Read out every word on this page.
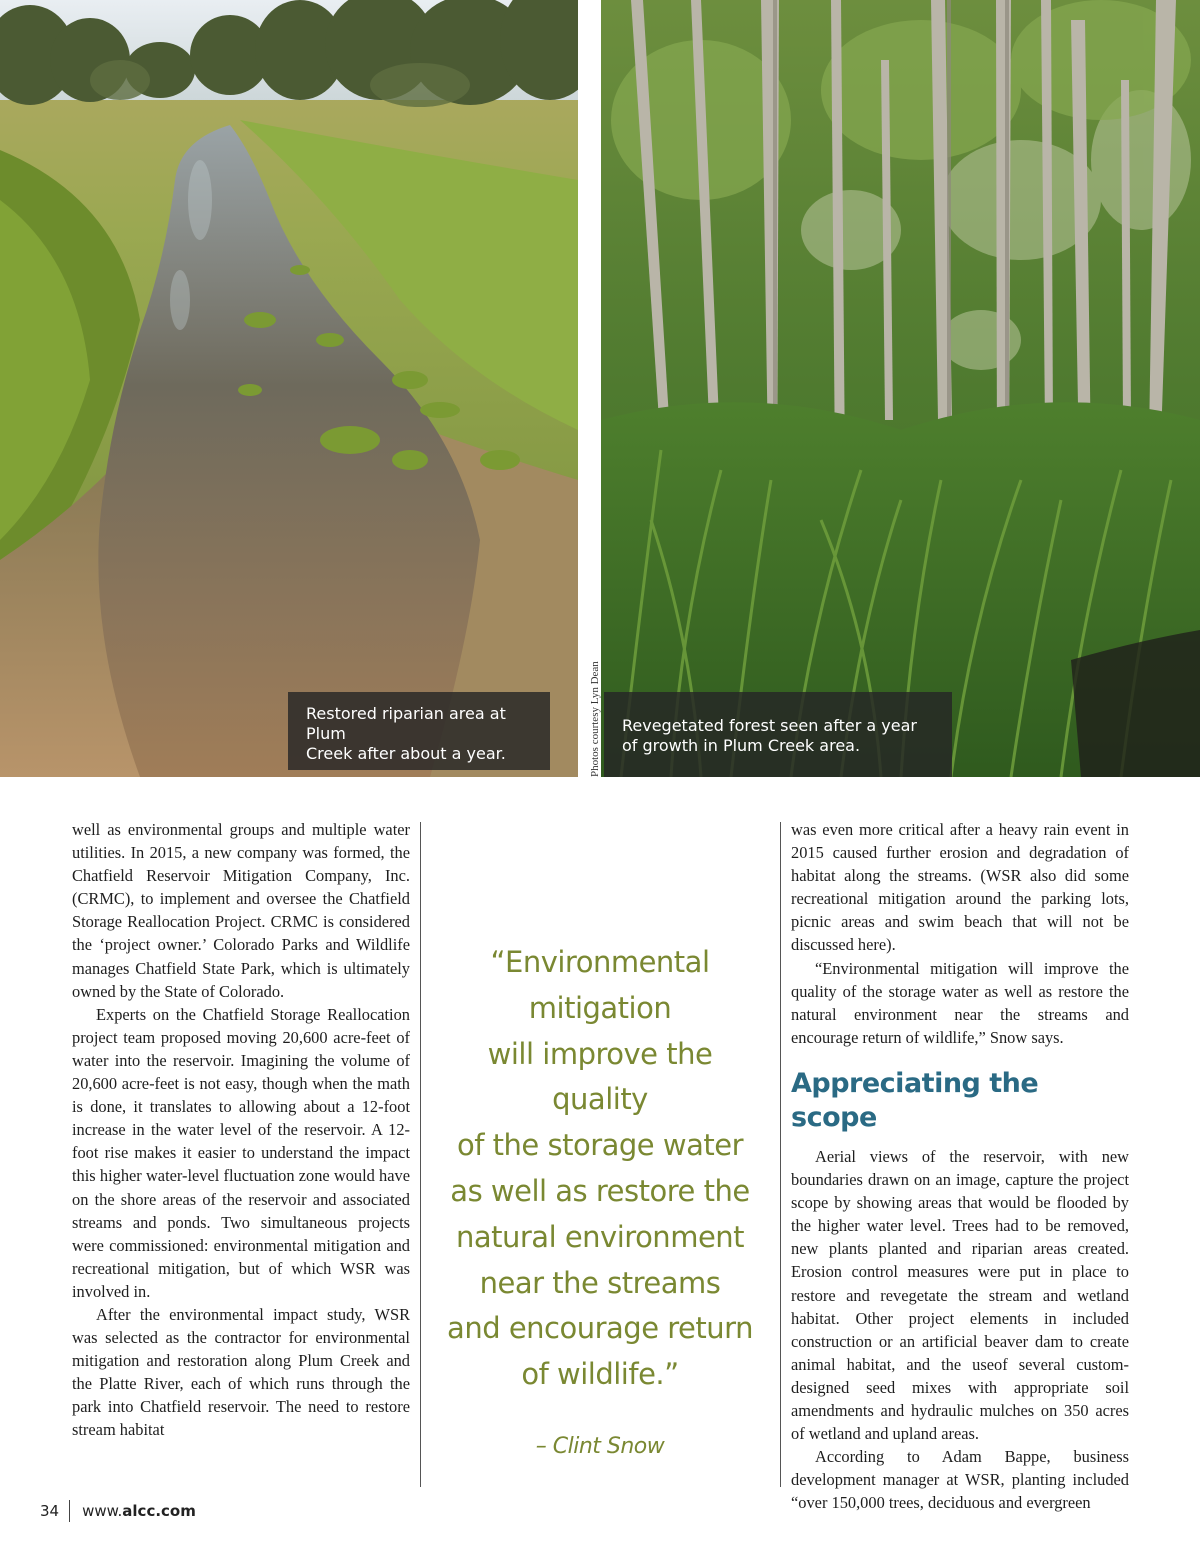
Restored riparian area at Plum
Creek after about a year.	Photos courtesy Lyn Dean Revegetated forest seen after a year
of growth in Plum Creek area.

well as environmental groups and multiple water utilities. In 2015, a new company was formed, the Chatfield Reservoir Mitigation Company, Inc. (CRMC), to implement and oversee the Chatfield Storage Reallocation Project. CRMC is considered the ‘project owner.’ Colorado Parks and Wildlife manages Chatfield State Park, which is ultimately owned by the State of Colorado.

Experts on the Chatfield Storage Reallocation project team proposed moving 20,600 acre-feet of water into the reservoir. Imagining the volume of 20,600 acre-feet is not easy, though when the math is done, it translates to allowing about a 12-foot increase in the water level of the reservoir. A 12-foot rise makes it easier to understand the impact this higher water-level fluctuation zone would have on the shore areas of the reservoir and associated streams and ponds. Two simultaneous projects were commissioned: environmental mitigation and recreational mitigation, but of which WSR was involved in.

After the environmental impact study, WSR was selected as the contractor for environmental mitigation and restoration along Plum Creek and the Platte River, each of which runs through the park into Chatfield reservoir. The need to restore stream habitat

“Environmental mitigation
will improve the quality
of the storage water
as well as restore the
natural environment
near the streams
and encourage return
of wildlife.”
– Clint Snow

was even more critical after a heavy rain event in 2015 caused further erosion and degradation of habitat along the streams. (WSR also did some recreational mitigation around the parking lots, picnic areas and swim beach that will not be discussed here).

“Environmental mitigation will improve the quality of the storage water as well as restore the natural environment near the streams and encourage return of wildlife,” Snow says.

Appreciating the scope

Aerial views of the reservoir, with new boundaries drawn on an image, capture the project scope by showing areas that would be flooded by the higher water level. Trees had to be removed, new plants planted and riparian areas created. Erosion control measures were put in place to restore and revegetate the stream and wetland habitat. Other project elements in included construction or an artificial beaver dam to create animal habitat, and the useof several custom-designed seed mixes with appropriate soil amendments and hydraulic mulches on 350 acres of wetland and upland areas.

According to Adam Bappe, business development manager at WSR, planting included “over 150,000 trees, deciduous and evergreen

34 www.alcc.com
